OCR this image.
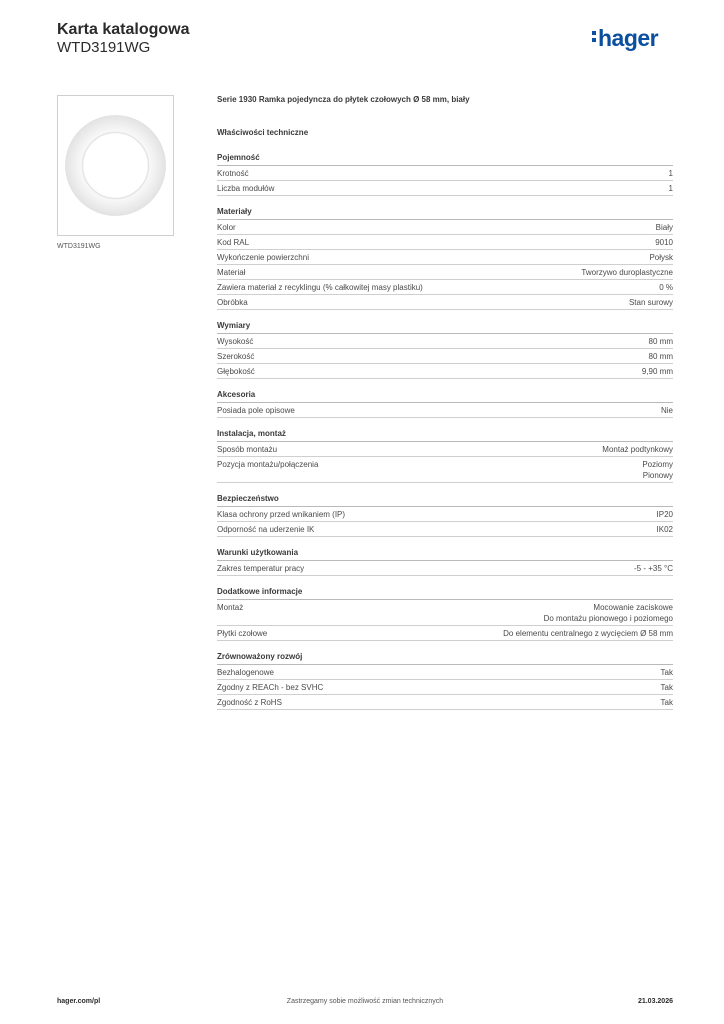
Karta katalogowa
WTD3191WG	hager
WTD3191WG
Serie 1930 Ramka pojedyncza do płytek czołowych Ø 58 mm, biały
Właściwości techniczne
Pojemność
Krotność	1
Liczba modułów	1
Materiały
Kolor	Biały
Kod RAL	9010
Wykończenie powierzchni	Połysk
Materiał	Tworzywo duroplastyczne
Zawiera materiał z recyklingu (% całkowitej masy plastiku)	0 %
Obróbka	Stan surowy
Wymiary
Wysokość	80 mm
Szerokość	80 mm
Głębokość	9,90 mm
Akcesoria
Posiada pole opisowe	Nie
Instalacja, montaż
Sposób montażu	Montaż podtynkowy
Pozycja montażu/połączenia	Poziomy
Pionowy
Bezpieczeństwo
Klasa ochrony przed wnikaniem (IP)	IP20
Odporność na uderzenie IK	IK02
Warunki użytkowania
Zakres temperatur pracy	-5 - +35 °C
Dodatkowe informacje
Montaż	Mocowanie zaciskowe
Do montażu pionowego i poziomego
Płytki czołowe	Do elementu centralnego z wycięciem Ø 58 mm
Zrównoważony rozwój
Bezhalogenowe	Tak
Zgodny z REACh - bez SVHC	Tak
Zgodność z RoHS	Tak
Zastrzegamy sobie możliwość zmian technicznych
hager.com/pl	21.03.2026
